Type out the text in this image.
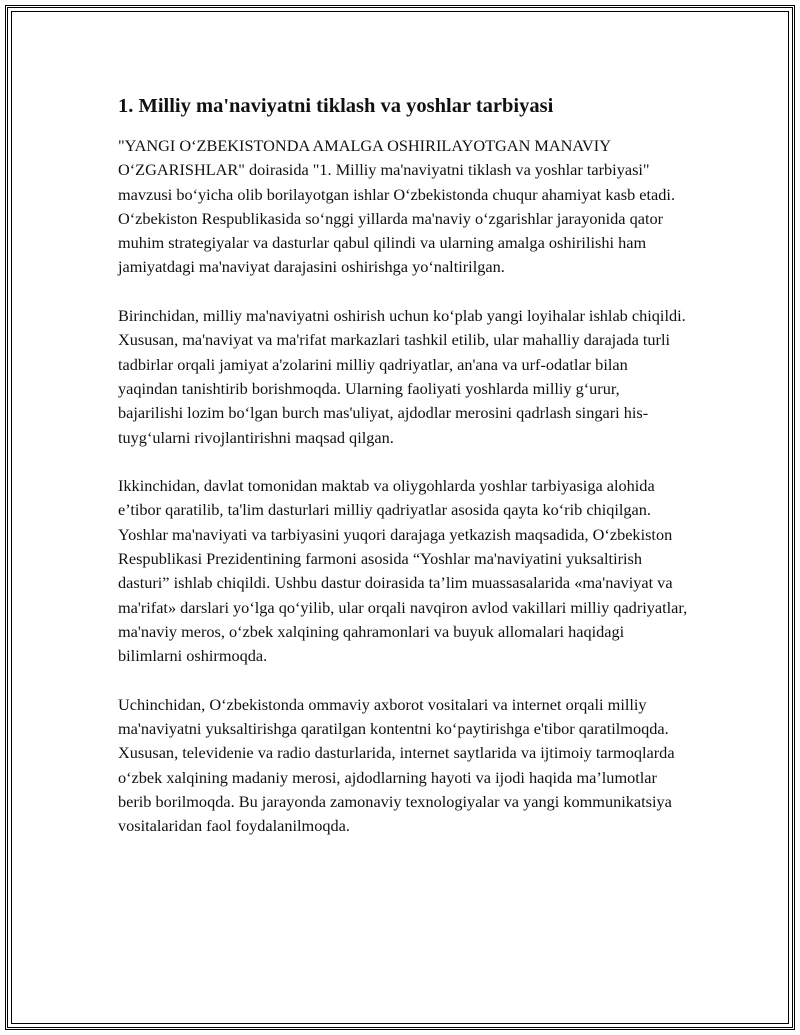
1. Milliy ma'naviyatni tiklash va yoshlar tarbiyasi

"YANGI O‘ZBEKISTONDA AMALGA OSHIRILAYOTGAN MANAVIY O‘ZGARISHLAR" doirasida "1. Milliy ma'naviyatni tiklash va yoshlar tarbiyasi" mavzusi bo‘yicha olib borilayotgan ishlar O‘zbekistonda chuqur ahamiyat kasb etadi. O‘zbekiston Respublikasida so‘nggi yillarda ma'naviy o‘zgarishlar jarayonida qator muhim strategiyalar va dasturlar qabul qilindi va ularning amalga oshirilishi ham jamiyatdagi ma'naviyat darajasini oshirishga yo‘naltirilgan.

Birinchidan, milliy ma'naviyatni oshirish uchun ko‘plab yangi loyihalar ishlab chiqildi. Xususan, ma'naviyat va ma'rifat markazlari tashkil etilib, ular mahalliy darajada turli tadbirlar orqali jamiyat a'zolarini milliy qadriyatlar, an'ana va urf-odatlar bilan yaqindan tanishtirib borishmoqda. Ularning faoliyati yoshlarda milliy g‘urur, bajarilishi lozim bo‘lgan burch mas'uliyat, ajdodlar merosini qadrlash singari his-tuyg‘ularni rivojlantirishni maqsad qilgan.

Ikkinchidan, davlat tomonidan maktab va oliygohlarda yoshlar tarbiyasiga alohida e’tibor qaratilib, ta'lim dasturlari milliy qadriyatlar asosida qayta ko‘rib chiqilgan. Yoshlar ma'naviyati va tarbiyasini yuqori darajaga yetkazish maqsadida, O‘zbekiston Respublikasi Prezidentining farmoni asosida “Yoshlar ma'naviyatini yuksaltirish dasturi” ishlab chiqildi. Ushbu dastur doirasida ta’lim muassasalarida «ma'naviyat va ma'rifat» darslari yo‘lga qo‘yilib, ular orqali navqiron avlod vakillari milliy qadriyatlar, ma'naviy meros, o‘zbek xalqining qahramonlari va buyuk allomalari haqidagi bilimlarni oshirmoqda.

Uchinchidan, O‘zbekistonda ommaviy axborot vositalari va internet orqali milliy ma'naviyatni yuksaltirishga qaratilgan kontentni ko‘paytirishga e'tibor qaratilmoqda. Xususan, televidenie va radio dasturlarida, internet saytlarida va ijtimoiy tarmoqlarda o‘zbek xalqining madaniy merosi, ajdodlarning hayoti va ijodi haqida ma’lumotlar berib borilmoqda. Bu jarayonda zamonaviy texnologiyalar va yangi kommunikatsiya vositalaridan faol foydalanilmoqda.
